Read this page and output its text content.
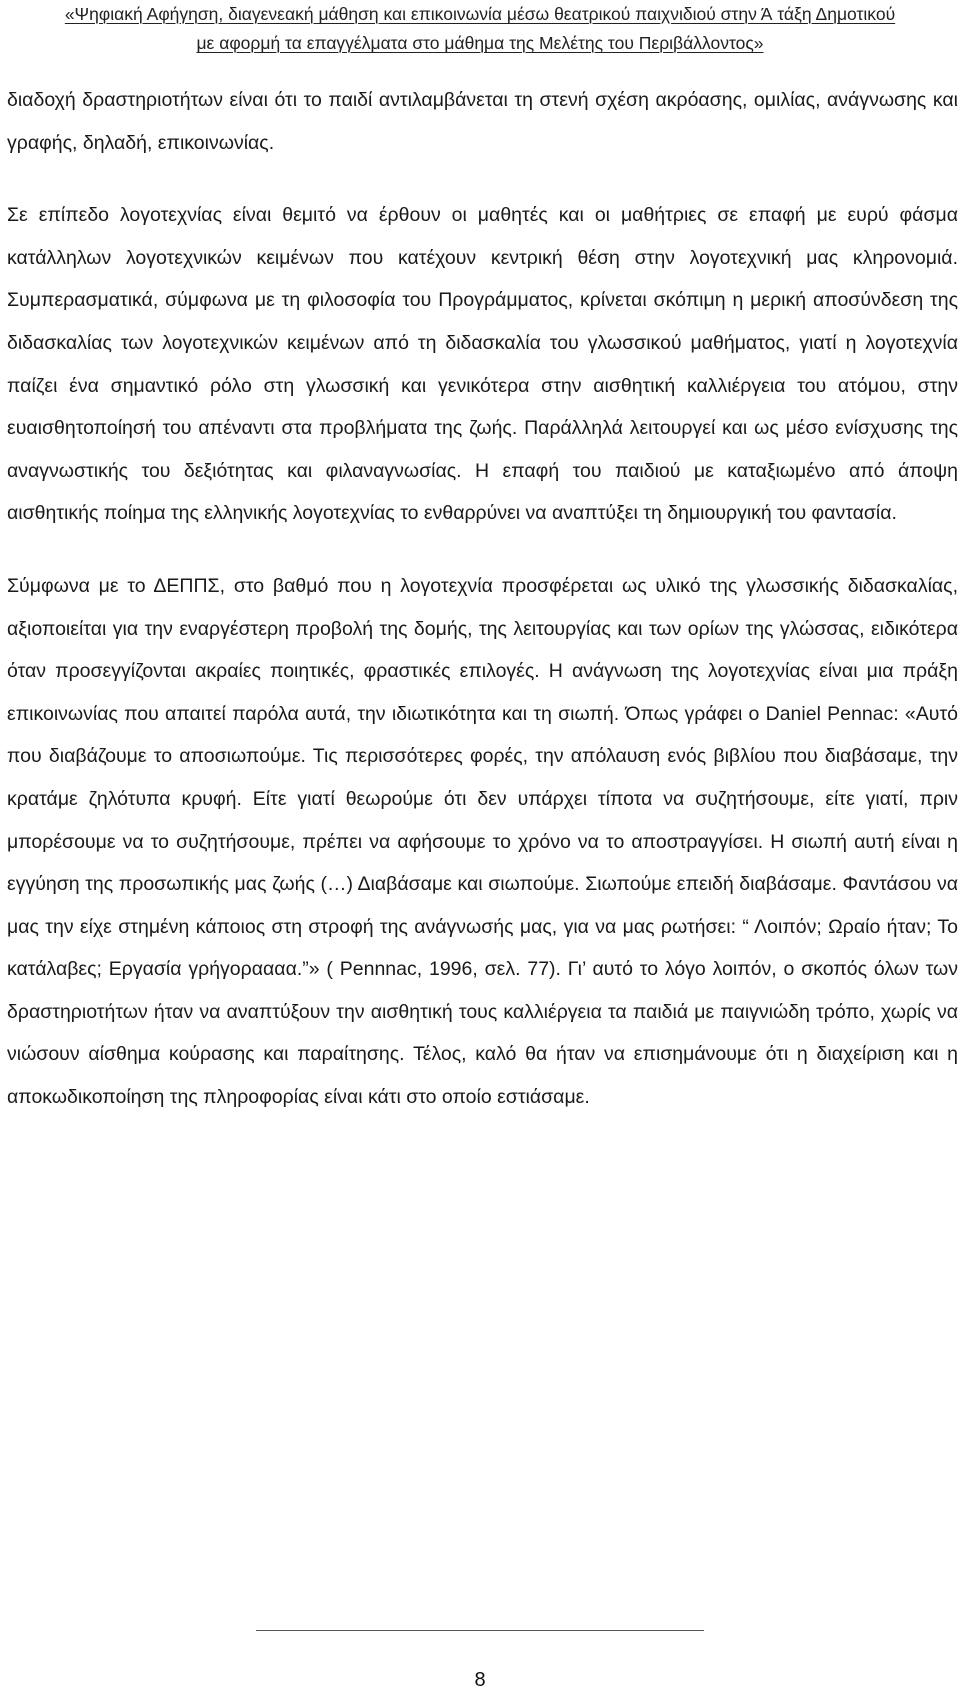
«Ψηφιακή Αφήγηση, διαγενεακή μάθηση και επικοινωνία μέσω θεατρικού παιχνιδιού στην Ά τάξη Δημοτικού
με αφορμή τα επαγγέλματα στο μάθημα της Μελέτης του Περιβάλλοντος»

διαδοχή δραστηριοτήτων είναι ότι το παιδί αντιλαμβάνεται τη στενή σχέση ακρόασης, ομιλίας, ανάγνωσης και γραφής, δηλαδή, επικοινωνίας.

Σε επίπεδο λογοτεχνίας είναι θεμιτό να έρθουν οι μαθητές και οι μαθήτριες σε επαφή με ευρύ φάσμα κατάλληλων λογοτεχνικών κειμένων που κατέχουν κεντρική θέση στην λογοτεχνική μας κληρονομιά. Συμπερασματικά, σύμφωνα με τη φιλοσοφία του Προγράμματος, κρίνεται σκόπιμη η μερική αποσύνδεση της διδασκαλίας των λογοτεχνικών κειμένων από τη διδασκαλία του γλωσσικού μαθήματος, γιατί η λογοτεχνία παίζει ένα σημαντικό ρόλο στη γλωσσική και γενικότερα στην αισθητική καλλιέργεια του ατόμου, στην ευαισθητοποίησή του απέναντι στα προβλήματα της ζωής. Παράλληλά λειτουργεί και ως μέσο ενίσχυσης της αναγνωστικής του δεξιότητας και φιλαναγνωσίας. Η επαφή του παιδιού με καταξιωμένο από άποψη αισθητικής ποίημα της ελληνικής λογοτεχνίας το ενθαρρύνει να αναπτύξει τη δημιουργική του φαντασία.

Σύμφωνα με το ΔΕΠΠΣ, στο βαθμό που η λογοτεχνία προσφέρεται ως υλικό της γλωσσικής διδασκαλίας, αξιοποιείται για την εναργέστερη προβολή της δομής, της λειτουργίας και των ορίων της γλώσσας, ειδικότερα όταν προσεγγίζονται ακραίες ποιητικές, φραστικές επιλογές. Η ανάγνωση της λογοτεχνίας είναι μια πράξη επικοινωνίας που απαιτεί παρόλα αυτά, την ιδιωτικότητα και τη σιωπή. Όπως γράφει ο Daniel Pennac: «Αυτό που διαβάζουμε το αποσιωπούμε. Τις περισσότερες φορές, την απόλαυση ενός βιβλίου που διαβάσαμε, την κρατάμε ζηλότυπα κρυφή. Είτε γιατί θεωρούμε ότι δεν υπάρχει τίποτα να συζητήσουμε, είτε γιατί, πριν μπορέσουμε να το συζητήσουμε, πρέπει να αφήσουμε το χρόνο να το αποστραγγίσει. Η σιωπή αυτή είναι η εγγύηση της προσωπικής μας ζωής (…) Διαβάσαμε και σιωπούμε. Σιωπούμε επειδή διαβάσαμε. Φαντάσου να μας την είχε στημένη κάποιος στη στροφή της ανάγνωσής μας, για να μας ρωτήσει: “ Λοιπόν; Ωραίο ήταν; Το κατάλαβες; Εργασία γρήγοραααα.”» ( Pennnac, 1996, σελ. 77). Γι’ αυτό το λόγο λοιπόν, ο σκοπός όλων των δραστηριοτήτων ήταν να αναπτύξουν την αισθητική τους καλλιέργεια τα παιδιά με παιγνιώδη τρόπο, χωρίς να νιώσουν αίσθημα κούρασης και παραίτησης. Τέλος, καλό θα ήταν να επισημάνουμε ότι η διαχείριση και η αποκωδικοποίηση της πληροφορίας είναι κάτι στο οποίο εστιάσαμε.

8
